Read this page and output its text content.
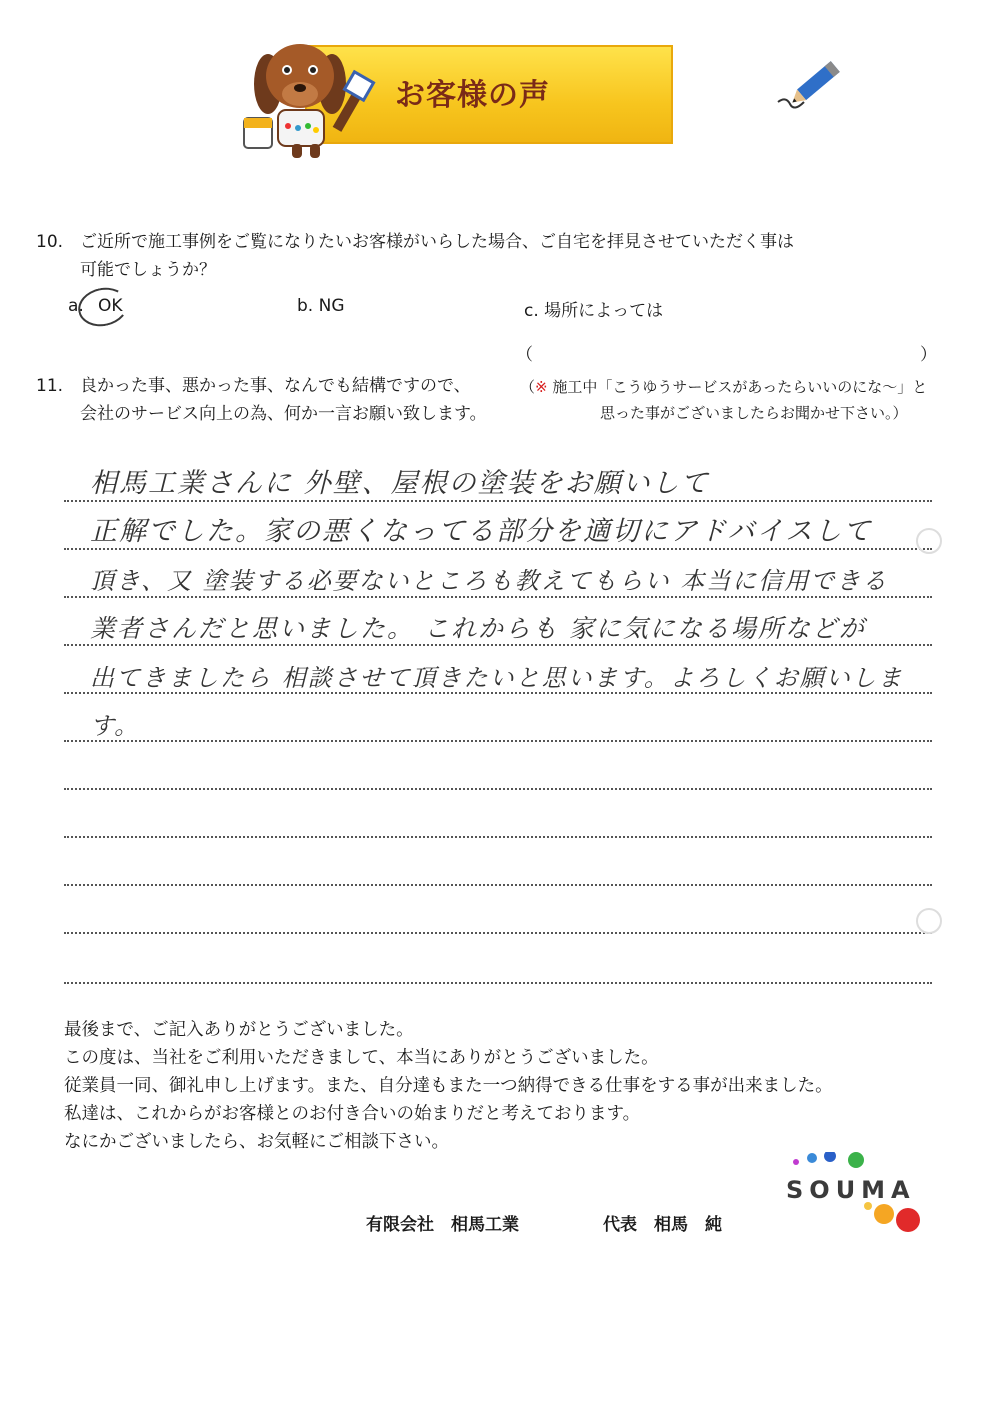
お客様の声
10. ご近所で施工事例をご覧になりたいお客様がいらした場合、ご自宅を拝見させていただく事は
可能でしょうか？
a. OK	b. NG	c. 場所によっては
（	）
11. 良かった事、悪かった事、なんでも結構ですので、
会社のサービス向上の為、何か一言お願い致します。
（※ 施工中「こうゆうサービスがあったらいいのにな～」と
思った事がございましたらお聞かせ下さい。）
相馬工業さんに 外壁、屋根の塗装をお願いして
正解でした。家の悪くなってる部分を適切にアドバイスして
頂き、又 塗装する必要ないところも教えてもらい 本当に信用できる
業者さんだと思いました。 これからも 家に気になる場所などが
出てきましたら 相談させて頂きたいと思います。よろしくお願いします。
最後まで、ご記入ありがとうございました。
この度は、当社をご利用いただきまして、本当にありがとうございました。
従業員一同、御礼申し上げます。また、自分達もまた一つ納得できる仕事をする事が出来ました。
私達は、これからがお客様とのお付き合いの始まりだと考えております。
なにかございましたら、お気軽にご相談下さい。
有限会社　相馬工業	代表　相馬　純
SOUMA
